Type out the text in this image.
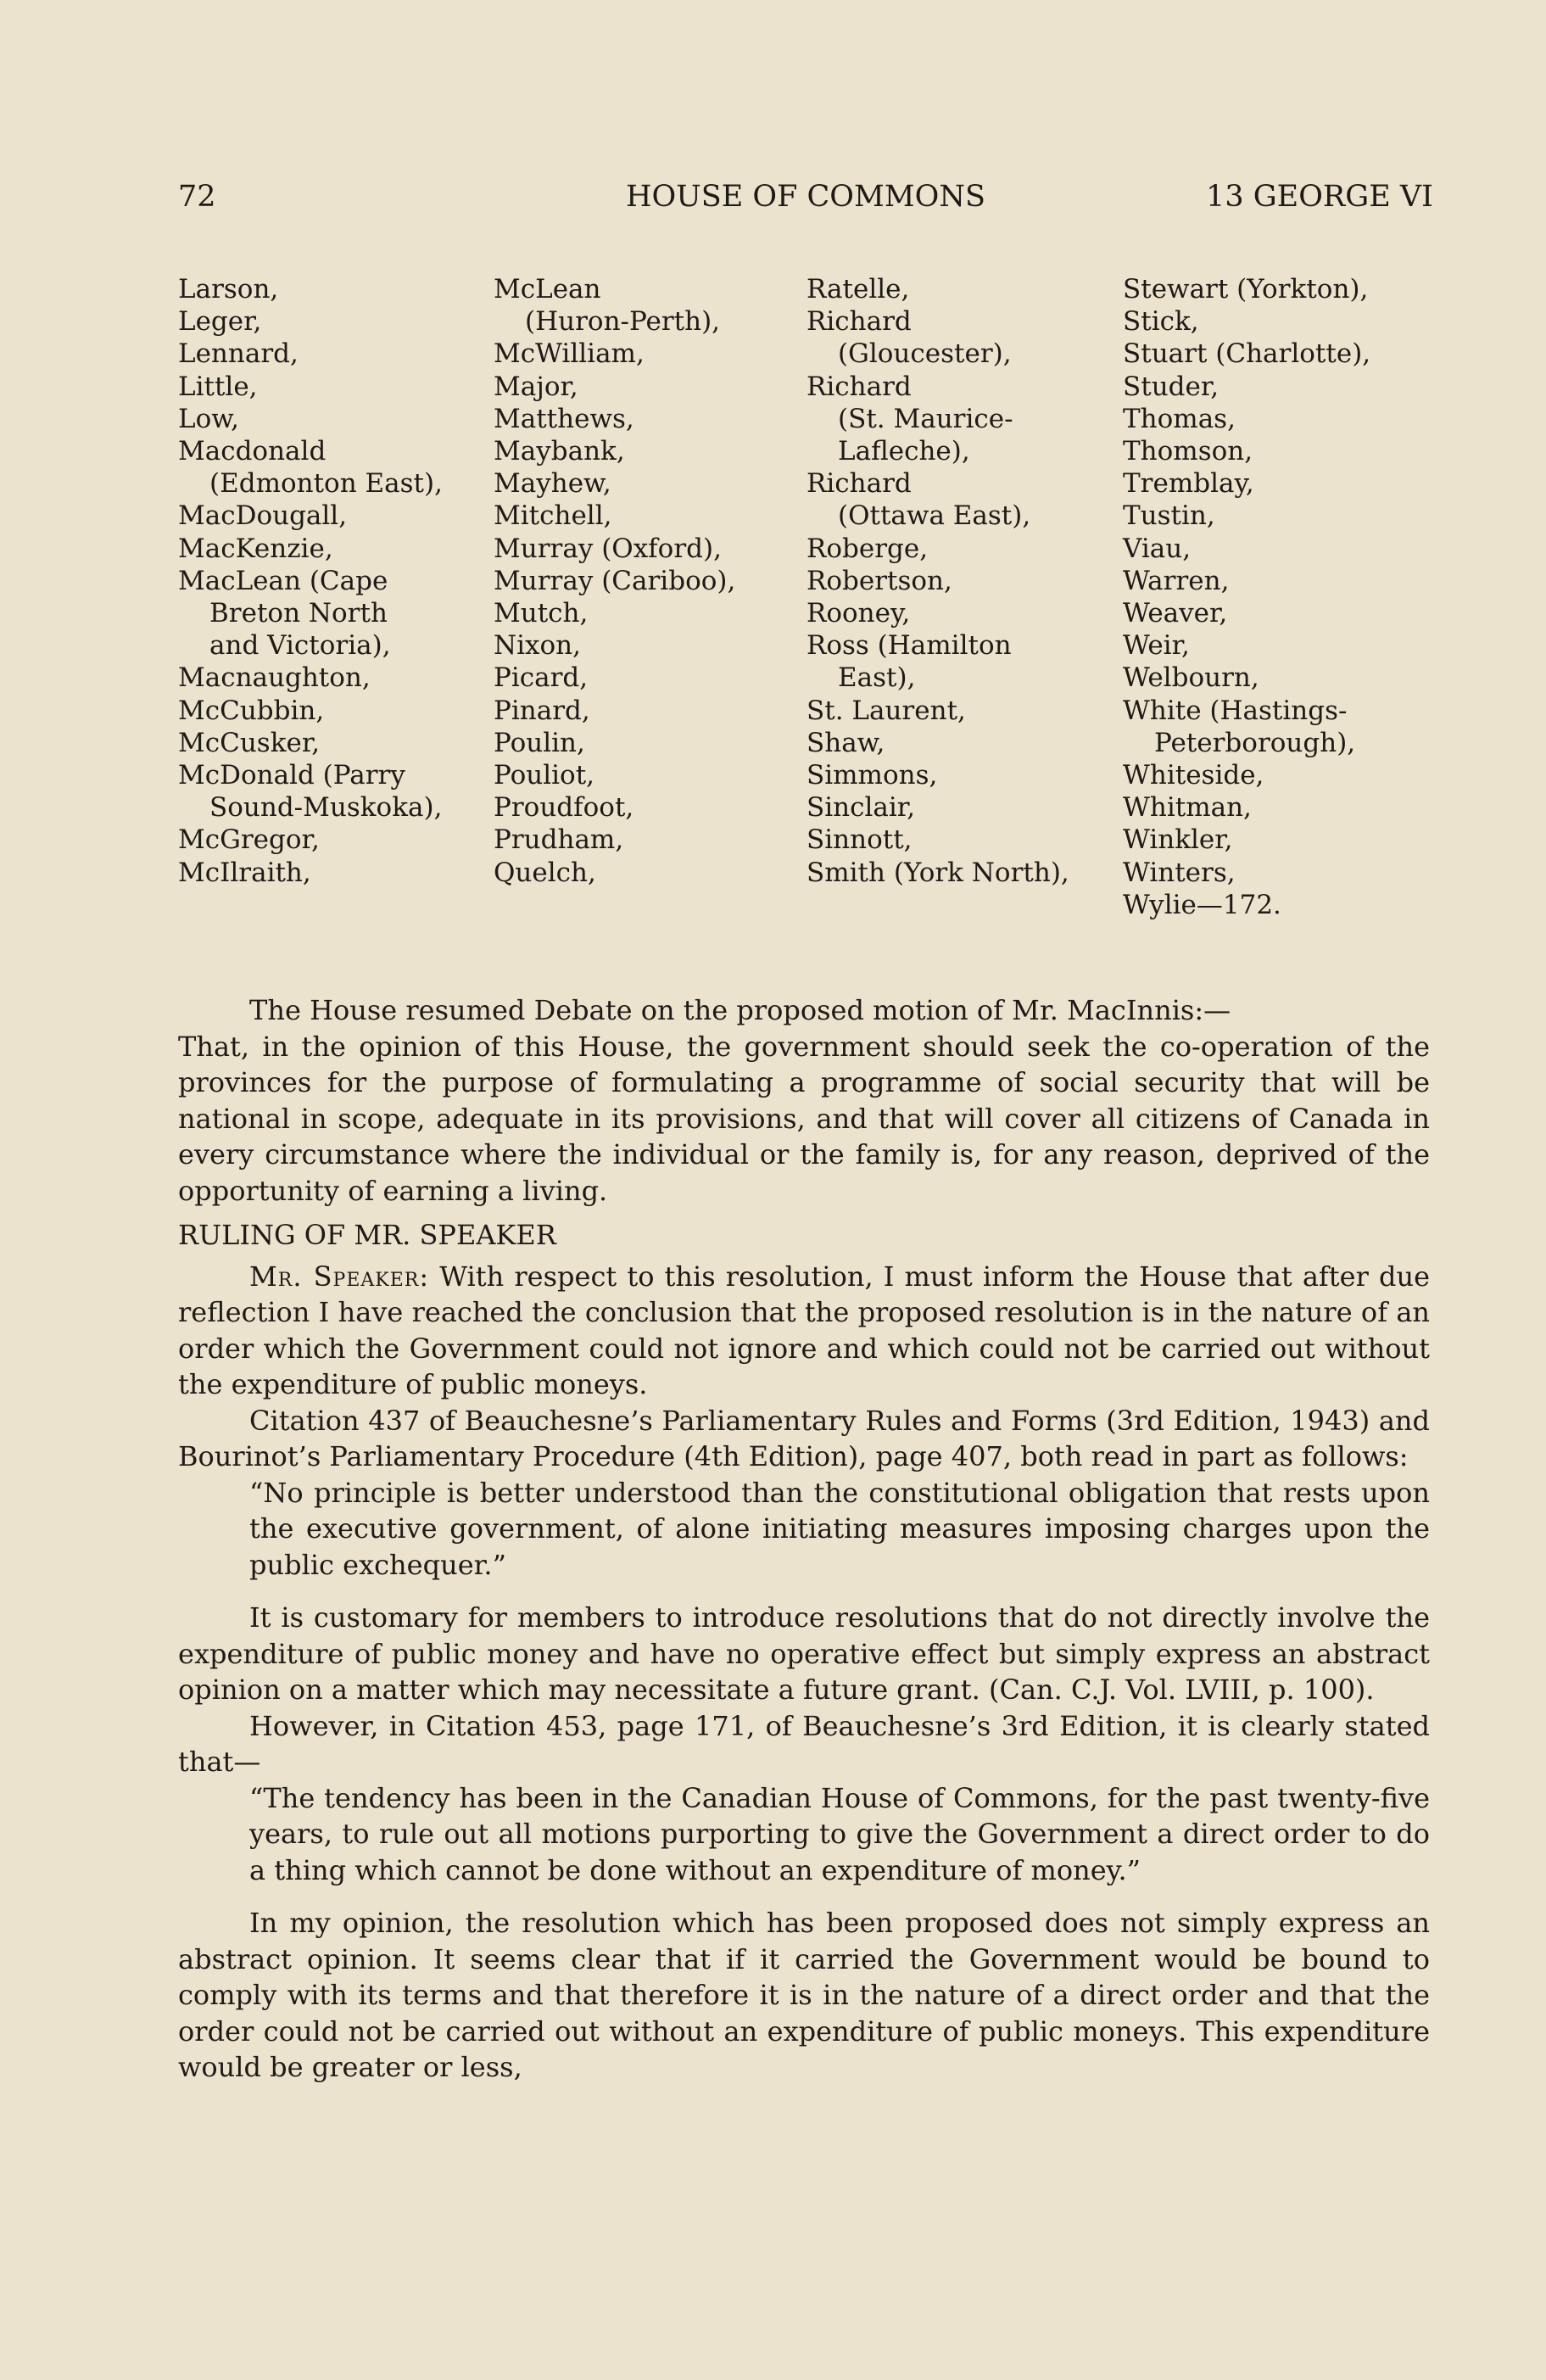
HOUSE OF COMMONS
72	13 GEORGE VI
Larson,
Leger,
Lennard,
Little,
Low,
Macdonald
(Edmonton East),
MacDougall,
MacKenzie,
MacLean (Cape
Breton North
and Victoria),
Macnaughton,
McCubbin,
McCusker,
McDonald (Parry
Sound-Muskoka),
McGregor,
McIlraith,
McLean
(Huron-Perth),
McWilliam,
Major,
Matthews,
Maybank,
Mayhew,
Mitchell,
Murray (Oxford),
Murray (Cariboo),
Mutch,
Nixon,
Picard,
Pinard,
Poulin,
Pouliot,
Proudfoot,
Prudham,
Quelch,
Ratelle,
Richard
(Gloucester),
Richard
(St. Maurice-
Lafleche),
Richard
(Ottawa East),
Roberge,
Robertson,
Rooney,
Ross (Hamilton
East),
St. Laurent,
Shaw,
Simmons,
Sinclair,
Sinnott,
Smith (York North),
Stewart (Yorkton),
Stick,
Stuart (Charlotte),
Studer,
Thomas,
Thomson,
Tremblay,
Tustin,
Viau,
Warren,
Weaver,
Weir,
Welbourn,
White (Hastings-
Peterborough),
Whiteside,
Whitman,
Winkler,
Winters,
Wylie—172.

The House resumed Debate on the proposed motion of Mr. MacInnis:—

That, in the opinion of this House, the government should seek the co-operation of the provinces for the purpose of formulating a programme of social security that will be national in scope, adequate in its provisions, and that will cover all citizens of Canada in every circumstance where the individual or the family is, for any reason, deprived of the opportunity of earning a living.

RULING OF MR. SPEAKER

Mr. Speaker: With respect to this resolution, I must inform the House that after due reflection I have reached the conclusion that the proposed resolution is in the nature of an order which the Government could not ignore and which could not be carried out without the expenditure of public moneys.

Citation 437 of Beauchesne’s Parliamentary Rules and Forms (3rd Edition, 1943) and Bourinot’s Parliamentary Procedure (4th Edition), page 407, both read in part as follows:

“No principle is better understood than the constitutional obligation that rests upon the executive government, of alone initiating measures imposing charges upon the public exchequer.”

It is customary for members to introduce resolutions that do not directly involve the expenditure of public money and have no operative effect but simply express an abstract opinion on a matter which may necessitate a future grant. (Can. C.J. Vol. LVIII, p. 100).

However, in Citation 453, page 171, of Beauchesne’s 3rd Edition, it is clearly stated that—

“The tendency has been in the Canadian House of Commons, for the past twenty-five years, to rule out all motions purporting to give the Government a direct order to do a thing which cannot be done without an expenditure of money.”

In my opinion, the resolution which has been proposed does not simply express an abstract opinion. It seems clear that if it carried the Government would be bound to comply with its terms and that therefore it is in the nature of a direct order and that the order could not be carried out without an expenditure of public moneys. This expenditure would be greater or less,
